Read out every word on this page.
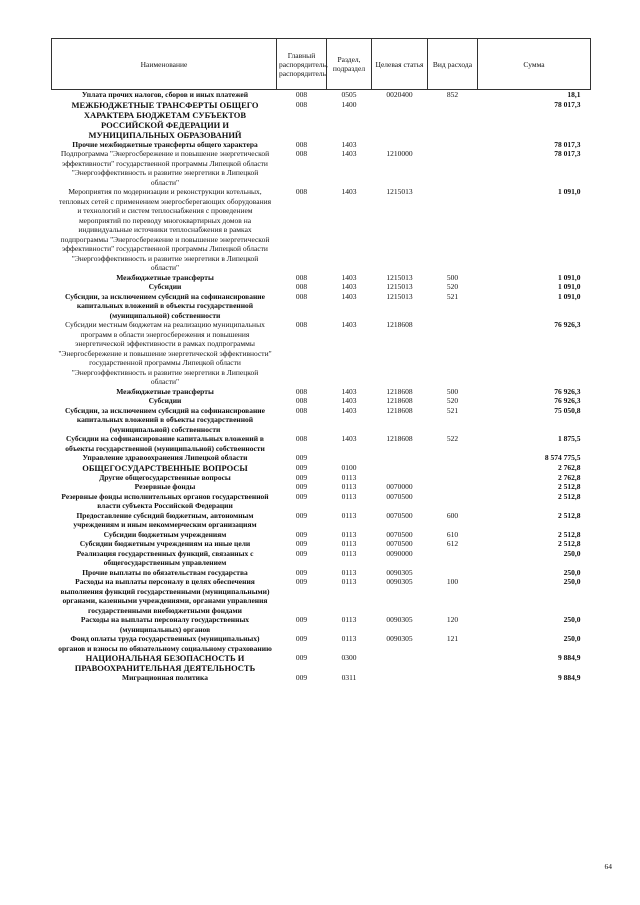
Наименование	Главный распорядитель, распорядитель	Раздел, подраздел	Целевая статья	Вид расхода	Сумма
Уплата прочих налогов, сборов и иных платежей	008	0505	0020400	852	18,1
МЕЖБЮДЖЕТНЫЕ ТРАНСФЕРТЫ ОБЩЕГО ХАРАКТЕРА БЮДЖЕТАМ СУБЪЕКТОВ РОССИЙСКОЙ ФЕДЕРАЦИИ И МУНИЦИПАЛЬНЫХ ОБРАЗОВАНИЙ	008	1400			78 017,3
Прочие межбюджетные трансферты общего характера	008	1403			78 017,3
Подпрограмма "Энергосбережение и повышение энергетической эффективности" государственной программы Липецкой области "Энергоэффективность и развитие энергетики в Липецкой области"	008	1403	1210000		78 017,3
Мероприятия по модернизации и реконструкции котельных, тепловых сетей с применением энергосберегающих оборудования и технологий и систем теплоснабжения с проведением мероприятий по переводу многоквартирных домов на индивидуальные источники теплоснабжения в рамках подпрограммы "Энергосбережение и повышение энергетической эффективности" государственной программы Липецкой области "Энергоэффективность и развитие энергетики в Липецкой области"	008	1403	1215013		1 091,0
Межбюджетные трансферты	008	1403	1215013	500	1 091,0
Субсидии	008	1403	1215013	520	1 091,0
Субсидии, за исключением субсидий на софинансирование капитальных вложений в объекты государственной (муниципальной) собственности	008	1403	1215013	521	1 091,0
Субсидии местным бюджетам на реализацию муниципальных программ в области энергосбережения и повышения энергетической эффективности в рамках подпрограммы "Энергосбережение и повышение энергетической эффективности" государственной программы Липецкой области "Энергоэффективность и развитие энергетики в Липецкой области"	008	1403	1218608		76 926,3
Межбюджетные трансферты	008	1403	1218608	500	76 926,3
Субсидии	008	1403	1218608	520	76 926,3
Субсидии, за исключением субсидий на софинансирование капитальных вложений в объекты государственной (муниципальной) собственности	008	1403	1218608	521	75 050,8
Субсидии на софинансирование капитальных вложений в объекты государственной (муниципальной) собственности	008	1403	1218608	522	1 875,5
Управление здравоохранения Липецкой области	009				8 574 775,5
ОБЩЕГОСУДАРСТВЕННЫЕ ВОПРОСЫ	009	0100			2 762,8
Другие общегосударственные вопросы	009	0113			2 762,8
Резервные фонды	009	0113	0070000		2 512,8
Резервные фонды исполнительных органов государственной власти субъекта Российской Федерации	009	0113	0070500		2 512,8
Предоставление субсидий бюджетным, автономным учреждениям и иным некоммерческим организациям	009	0113	0070500	600	2 512,8
Субсидии бюджетным учреждениям	009	0113	0070500	610	2 512,8
Субсидии бюджетным учреждениям на иные цели	009	0113	0070500	612	2 512,8
Реализация государственных функций, связанных с общегосударственным управлением	009	0113	0090000		250,0
Прочие выплаты по обязательствам государства	009	0113	0090305		250,0
Расходы на выплаты персоналу в целях обеспечения выполнения функций государственными (муниципальными) органами, казенными учреждениями, органами управления государственными внебюджетными фондами	009	0113	0090305	100	250,0
Расходы на выплаты персоналу государственных (муниципальных) органов	009	0113	0090305	120	250,0
Фонд оплаты труда государственных (муниципальных) органов и взносы по обязательному социальному страхованию	009	0113	0090305	121	250,0
НАЦИОНАЛЬНАЯ БЕЗОПАСНОСТЬ И ПРАВООХРАНИТЕЛЬНАЯ ДЕЯТЕЛЬНОСТЬ	009	0300			9 884,9
Миграционная политика	009	0311			9 884,9
64
